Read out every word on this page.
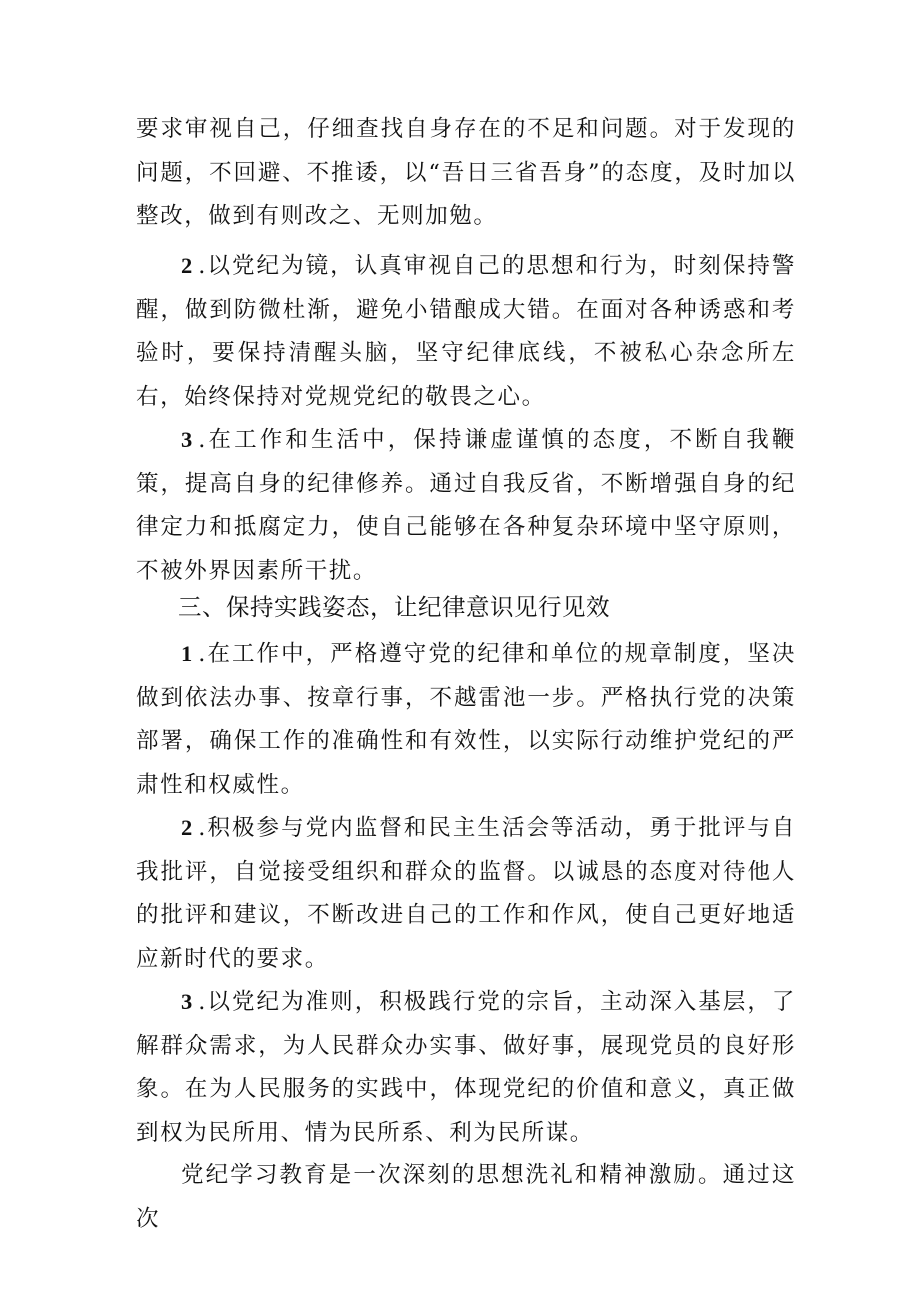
要求审视自己，仔细查找自身存在的不足和问题。对于发现的问题，不回避、不推诿，以“吾日三省吾身”的态度，及时加以整改，做到有则改之、无则加勉。

2 .以党纪为镜，认真审视自己的思想和行为，时刻保持警醒，做到防微杜渐，避免小错酿成大错。在面对各种诱惑和考验时，要保持清醒头脑，坚守纪律底线，不被私心杂念所左右，始终保持对党规党纪的敬畏之心。

3 .在工作和生活中，保持谦虚谨慎的态度，不断自我鞭策，提高自身的纪律修养。通过自我反省，不断增强自身的纪律定力和抵腐定力，使自己能够在各种复杂环境中坚守原则，不被外界因素所干扰。

三、保持实践姿态，让纪律意识见行见效

1 .在工作中，严格遵守党的纪律和单位的规章制度，坚决做到依法办事、按章行事，不越雷池一步。严格执行党的决策部署，确保工作的准确性和有效性，以实际行动维护党纪的严肃性和权威性。

2 .积极参与党内监督和民主生活会等活动，勇于批评与自我批评，自觉接受组织和群众的监督。以诚恳的态度对待他人的批评和建议，不断改进自己的工作和作风，使自己更好地适应新时代的要求。

3 .以党纪为准则，积极践行党的宗旨，主动深入基层，了解群众需求，为人民群众办实事、做好事，展现党员的良好形象。在为人民服务的实践中，体现党纪的价值和意义，真正做到权为民所用、情为民所系、利为民所谋。

党纪学习教育是一次深刻的思想洗礼和精神激励。通过这次
